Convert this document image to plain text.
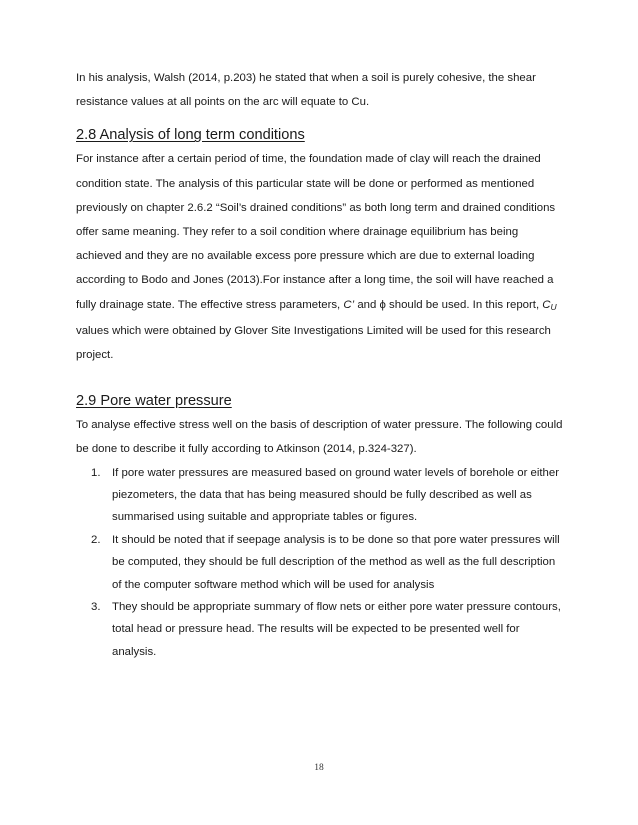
In his analysis, Walsh (2014, p.203) he stated that when a soil is purely cohesive, the shear resistance values at all points on the arc will equate to Cu.

2.8 Analysis of long term conditions

For instance after a certain period of time, the foundation made of clay will reach the drained condition state. The analysis of this particular state will be done or performed as mentioned previously on chapter 2.6.2 “Soil’s drained conditions” as both long term and drained conditions offer same meaning. They refer to a soil condition where drainage equilibrium has being achieved and they are no available excess pore pressure which are due to external loading according to Bodo and Jones (2013).For instance after a long time, the soil will have reached a fully drainage state. The effective stress parameters, C’ and ϕ should be used. In this report, $C_U$ values which were obtained by Glover Site Investigations Limited will be used for this research project.

2.9 Pore water pressure

To analyse effective stress well on the basis of description of water pressure. The following could be done to describe it fully according to Atkinson (2014, p.324-327).

1. If pore water pressures are measured based on ground water levels of borehole or either piezometers, the data that has being measured should be fully described as well as summarised using suitable and appropriate tables or figures.
2. It should be noted that if seepage analysis is to be done so that pore water pressures will be computed, they should be full description of the method as well as the full description of the computer software method which will be used for analysis
3. They should be appropriate summary of flow nets or either pore water pressure contours, total head or pressure head. The results will be expected to be presented well for analysis.
18
